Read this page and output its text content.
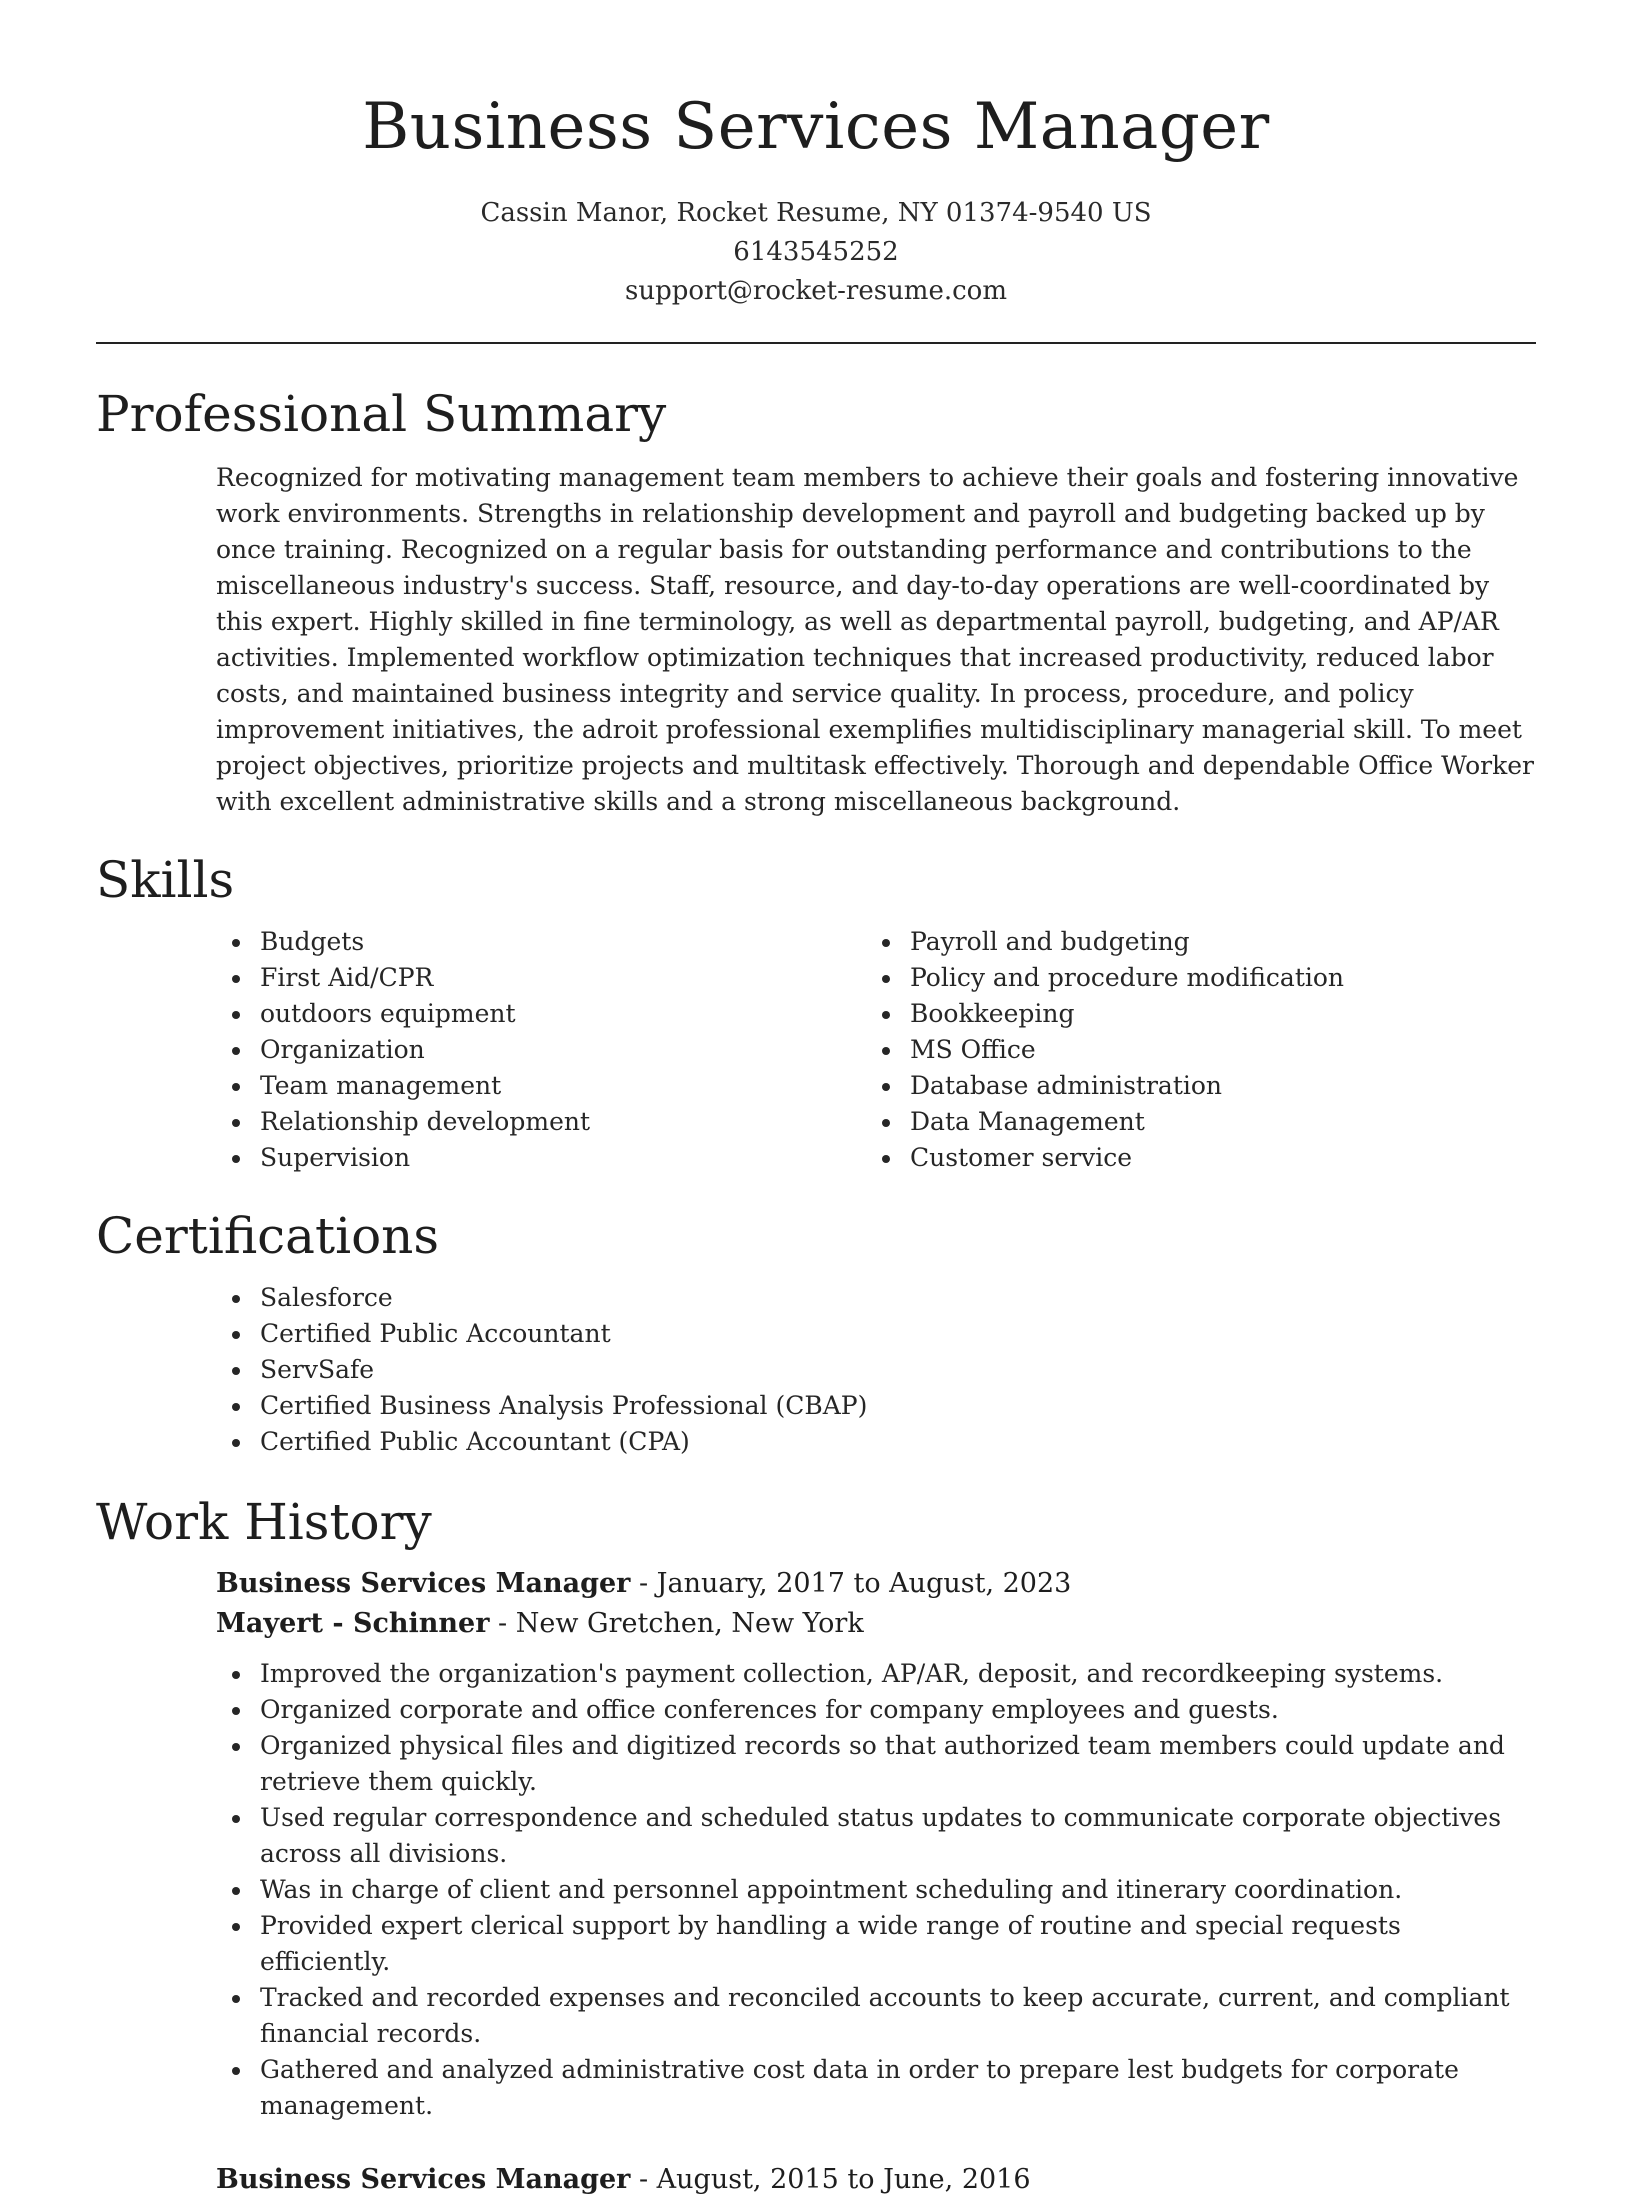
Business Services Manager
Cassin Manor, Rocket Resume, NY 01374-9540 US
6143545252
support@rocket-resume.com
Professional Summary

Recognized for motivating management team members to achieve their goals and fostering innovative work environments. Strengths in relationship development and payroll and budgeting backed up by once training. Recognized on a regular basis for outstanding performance and contributions to the miscellaneous industry's success. Staff, resource, and day-to-day operations are well-coordinated by this expert. Highly skilled in fine terminology, as well as departmental payroll, budgeting, and AP/AR activities. Implemented workflow optimization techniques that increased productivity, reduced labor costs, and maintained business integrity and service quality. In process, procedure, and policy improvement initiatives, the adroit professional exemplifies multidisciplinary managerial skill. To meet project objectives, prioritize projects and multitask effectively. Thorough and dependable Office Worker with excellent administrative skills and a strong miscellaneous background.

Skills
Budgets
First Aid/CPR
outdoors equipment
Organization
Team management
Relationship development
Supervision
Payroll and budgeting
Policy and procedure modification
Bookkeeping
MS Office
Database administration
Data Management
Customer service
Certifications
Salesforce
Certified Public Accountant
ServSafe
Certified Business Analysis Professional (CBAP)
Certified Public Accountant (CPA)
Work History
Business Services Manager - January, 2017 to August, 2023
Mayert - Schinner - New Gretchen, New York
Improved the organization's payment collection, AP/AR, deposit, and recordkeeping systems.
Organized corporate and office conferences for company employees and guests.
Organized physical files and digitized records so that authorized team members could update and retrieve them quickly.
Used regular correspondence and scheduled status updates to communicate corporate objectives across all divisions.
Was in charge of client and personnel appointment scheduling and itinerary coordination.
Provided expert clerical support by handling a wide range of routine and special requests efficiently.
Tracked and recorded expenses and reconciled accounts to keep accurate, current, and compliant financial records.
Gathered and analyzed administrative cost data in order to prepare lest budgets for corporate management.
Business Services Manager - August, 2015 to June, 2016
